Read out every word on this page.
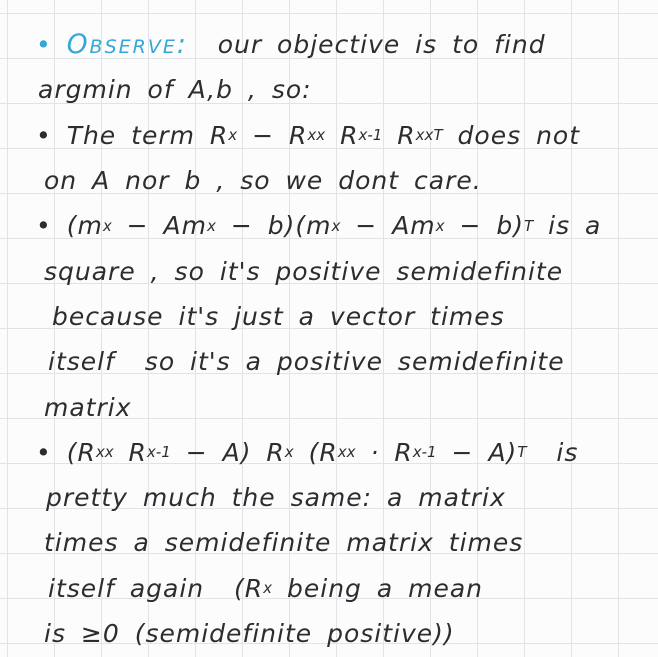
• Observe: our objective is to find
argmin of A,b , so:
• The term R x − R xx R x -1 R xx T does not
on A nor b , so we dont care.
• (m x − Am x − b)(m x − Am x − b) T is a
square , so it's positive semidefinite
because it's just a vector times
itself  so it's a positive semidefinite
matrix
• (R xx R x -1 − A) R x (R xx · R x -1 − A) T is
pretty much the same: a matrix
times a semidefinite matrix times
itself again  (R x being a mean
is ≥0 (semidefinite positive))
